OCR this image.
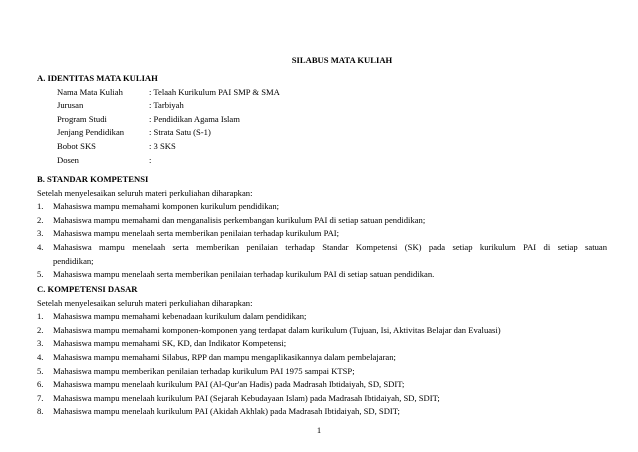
SILABUS MATA KULIAH
A. IDENTITAS MATA KULIAH
Nama Mata Kuliah	: Telaah Kurikulum PAI SMP & SMA
Jurusan	: Tarbiyah
Program Studi	: Pendidikan Agama Islam
Jenjang Pendidikan	: Strata Satu (S-1)
Bobot SKS	: 3 SKS
Dosen	:
B. STANDAR KOMPETENSI
Setelah menyelesaikan seluruh materi perkuliahan diharapkan:
1. Mahasiswa mampu memahami komponen kurikulum pendidikan;
2. Mahasiswa mampu memahami dan menganalisis perkembangan kurikulum PAI di setiap satuan pendidikan;
3. Mahasiswa mampu menelaah serta memberikan penilaian terhadap kurikulum PAI;
4. Mahasiswa mampu menelaah serta memberikan penilaian terhadap Standar Kompetensi (SK) pada setiap kurikulum PAI di setiap satuan
pendidikan;
5. Mahasiswa mampu menelaah serta memberikan penilaian terhadap kurikulum PAI di setiap satuan pendidikan.
C. KOMPETENSI DASAR
Setelah menyelesaikan seluruh materi perkuliahan diharapkan:
1. Mahasiswa mampu memahami kebenadaan kurikulum dalam pendidikan;
2. Mahasiswa mampu memahami komponen-komponen yang terdapat dalam kurikulum (Tujuan, Isi, Aktivitas Belajar dan Evaluasi)
3. Mahasiswa mampu memahami SK, KD, dan Indikator Kompetensi;
4. Mahasiswa mampu memahami Silabus, RPP dan mampu mengaplikasikannya dalam pembelajaran;
5. Mahasiswa mampu memberikan penilaian terhadap kurikulum PAI 1975 sampai KTSP;
6. Mahasiswa mampu menelaah kurikulum PAI (Al-Qur'an Hadis) pada Madrasah Ibtidaiyah, SD, SDIT;
7. Mahasiswa mampu menelaah kurikulum PAI (Sejarah Kebudayaan Islam) pada Madrasah Ibtidaiyah, SD, SDIT;
8. Mahasiswa mampu menelaah kurikulum PAI (Akidah Akhlak) pada Madrasah Ibtidaiyah, SD, SDIT;
1
